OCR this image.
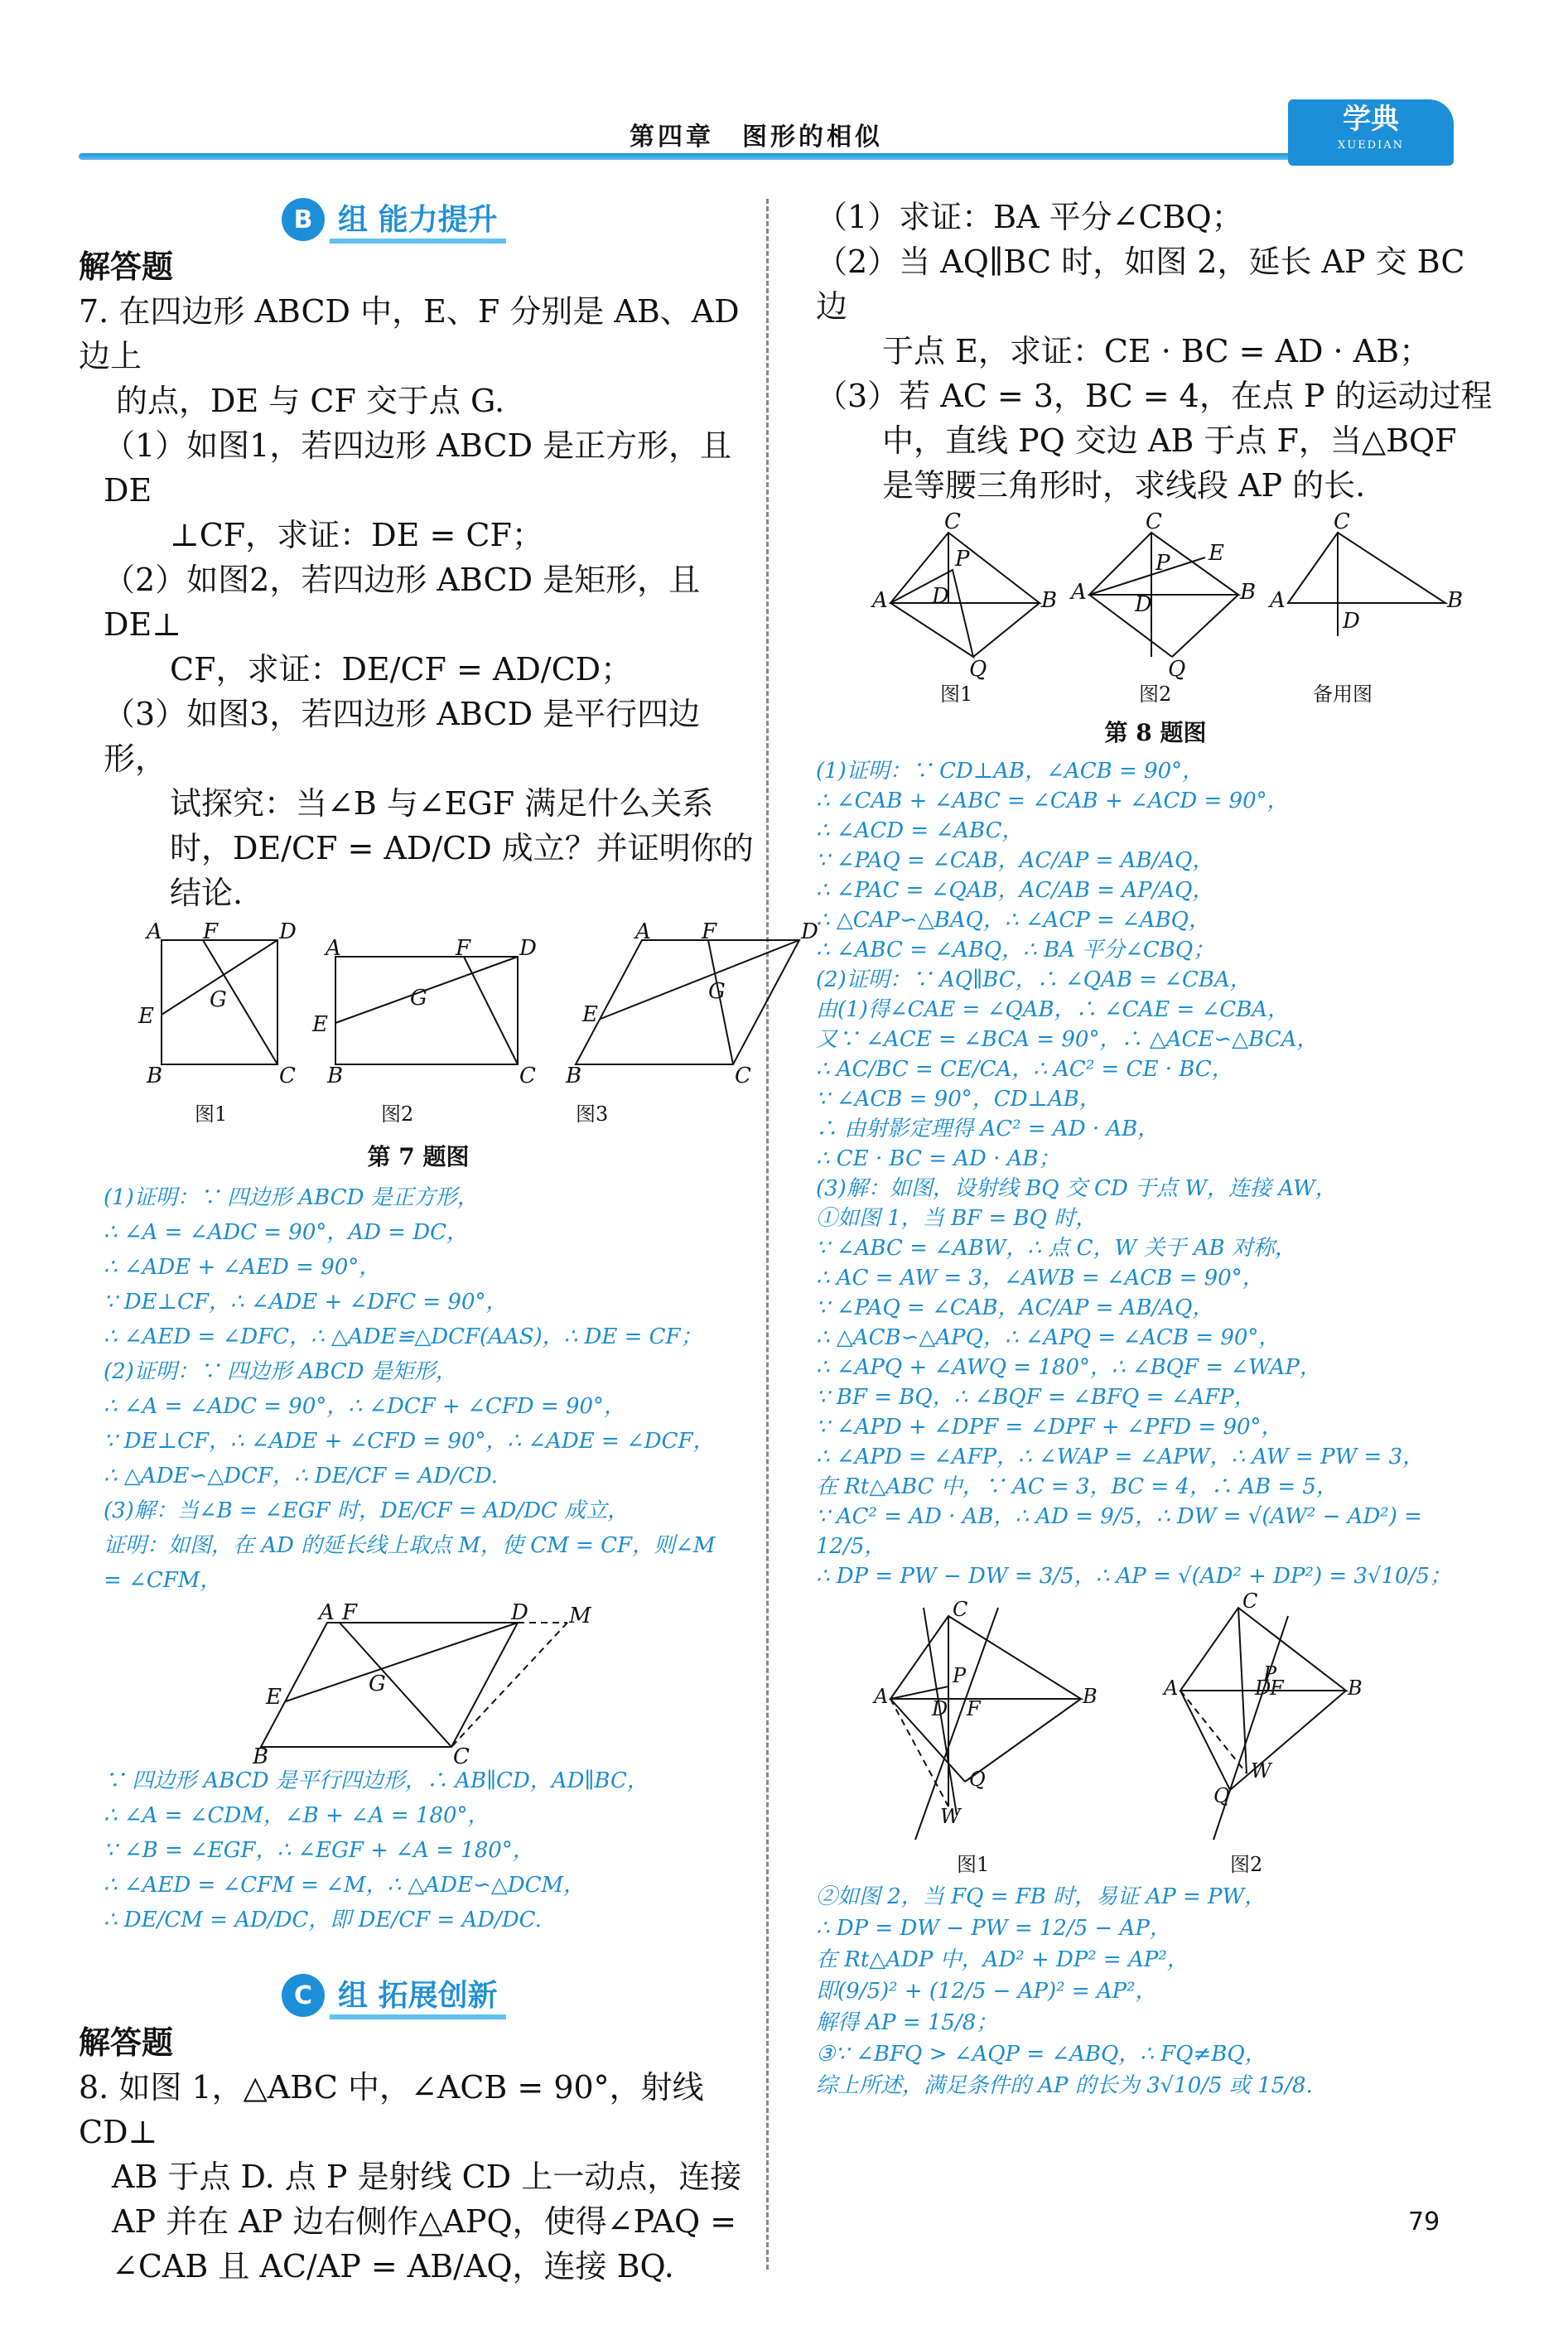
第四章　图形的相似
学典
XUEDIAN
B 组 能力提升
解答题
7. 在四边形 ABCD 中，E、F 分别是 AB、AD 边上
的点，DE 与 CF 交于点 G.
（1）如图1，若四边形 ABCD 是正方形，且 DE
⊥CF，求证：DE = CF；
（2）如图2，若四边形 ABCD 是矩形，且 DE⊥
CF，求证：DE/CF = AD/CD；
（3）如图3，若四边形 ABCD 是平行四边形，
试探究：当∠B 与∠EGF 满足什么关系
时，DE/CF = AD/CD 成立？并证明你的结论.
A F	D
E
G
B	C
A	F D
E
G
B	C
A F	D
E
G
B	C
图1	图2	图3
第 7 题图
(1)证明：∵ 四边形 ABCD 是正方形，
∴ ∠A = ∠ADC = 90°，AD = DC，
∴ ∠ADE + ∠AED = 90°，
∵ DE⊥CF，∴ ∠ADE + ∠DFC = 90°，
∴ ∠AED = ∠DFC，∴ △ADE≌△DCF(AAS)，∴ DE = CF；
(2)证明：∵ 四边形 ABCD 是矩形，
∴ ∠A = ∠ADC = 90°，∴ ∠DCF + ∠CFD = 90°，
∵ DE⊥CF，∴ ∠ADE + ∠CFD = 90°，∴ ∠ADE = ∠DCF，
∴ △ADE∽△DCF，∴ DE/CF = AD/CD.
(3)解：当∠B = ∠EGF 时，DE/CF = AD/DC 成立，
证明：如图，在 AD 的延长线上取点 M，使 CM = CF，则∠M
= ∠CFM，
A F	D M
E
G
B	C
∵ 四边形 ABCD 是平行四边形，∴ AB∥CD，AD∥BC，
∴ ∠A = ∠CDM，∠B + ∠A = 180°，
∵ ∠B = ∠EGF，∴ ∠EGF + ∠A = 180°，
∴ ∠AED = ∠CFM = ∠M，∴ △ADE∽△DCM，
∴ DE/CM = AD/DC，即 DE/CF = AD/DC.
C 组 拓展创新
解答题
8. 如图 1，△ABC 中，∠ACB = 90°，射线 CD⊥
AB 于点 D. 点 P 是射线 CD 上一动点，连接
AP 并在 AP 边右侧作△APQ，使得∠PAQ =
∠CAB 且 AC/AP = AB/AQ，连接 BQ.
（1）求证：BA 平分∠CBQ；
（2）当 AQ∥BC 时，如图 2，延长 AP 交 BC 边
于点 E，求证：CE · BC = AD · AB；
（3）若 AC = 3，BC = 4，在点 P 的运动过程
中，直线 PQ 交边 AB 于点 F，当△BQF
是等腰三角形时，求线段 AP 的长.
C
P
D
A	B
Q
C
P E
D
A	B
Q
C
A	B
D
图1	图2	备用图
第 8 题图
(1)证明：∵ CD⊥AB，∠ACB = 90°，
∴ ∠CAB + ∠ABC = ∠CAB + ∠ACD = 90°，
∴ ∠ACD = ∠ABC，
∵ ∠PAQ = ∠CAB，AC/AP = AB/AQ，
∴ ∠PAC = ∠QAB，AC/AB = AP/AQ，
∴ △CAP∽△BAQ，∴ ∠ACP = ∠ABQ，
∴ ∠ABC = ∠ABQ，∴ BA 平分∠CBQ；
(2)证明：∵ AQ∥BC，∴ ∠QAB = ∠CBA，
由(1)得∠CAE = ∠QAB，∴ ∠CAE = ∠CBA，
又∵ ∠ACE = ∠BCA = 90°，∴ △ACE∽△BCA，
∴ AC/BC = CE/CA，∴ AC² = CE · BC，
∵ ∠ACB = 90°，CD⊥AB，
∴ 由射影定理得 AC² = AD · AB，
∴ CE · BC = AD · AB；
(3)解：如图，设射线 BQ 交 CD 于点 W，连接 AW，
①如图 1，当 BF = BQ 时，
∵ ∠ABC = ∠ABW，∴ 点 C，W 关于 AB 对称，
∴ AC = AW = 3，∠AWB = ∠ACB = 90°，
∵ ∠PAQ = ∠CAB，AC/AP = AB/AQ，
∴ △ACB∽△APQ，∴ ∠APQ = ∠ACB = 90°，
∴ ∠APQ + ∠AWQ = 180°，∴ ∠BQF = ∠WAP，
∵ BF = BQ，∴ ∠BQF = ∠BFQ = ∠AFP，
∵ ∠APD + ∠DPF = ∠DPF + ∠PFD = 90°，
∴ ∠APD = ∠AFP，∴ ∠WAP = ∠APW，∴ AW = PW = 3，
在 Rt△ABC 中，∵ AC = 3，BC = 4，∴ AB = 5，
∵ AC² = AD · AB，∴ AD = 9/5，∴ DW = √(AW² − AD²) = 12/5，
∴ DP = PW − DW = 3/5，∴ AP = √(AD² + DP²) = 3√10/5；
C
P
D F
A	B
Q
W
C
D
F
P
A	B
Q
W
图1	图2
②如图 2，当 FQ = FB 时，易证 AP = PW，
∴ DP = DW − PW = 12/5 − AP，
在 Rt△ADP 中，AD² + DP² = AP²，
即(9/5)² + (12/5 − AP)² = AP²，
解得 AP = 15/8；
③∵ ∠BFQ > ∠AQP = ∠ABQ，∴ FQ≠BQ，
综上所述，满足条件的 AP 的长为 3√10/5 或 15/8.
79
